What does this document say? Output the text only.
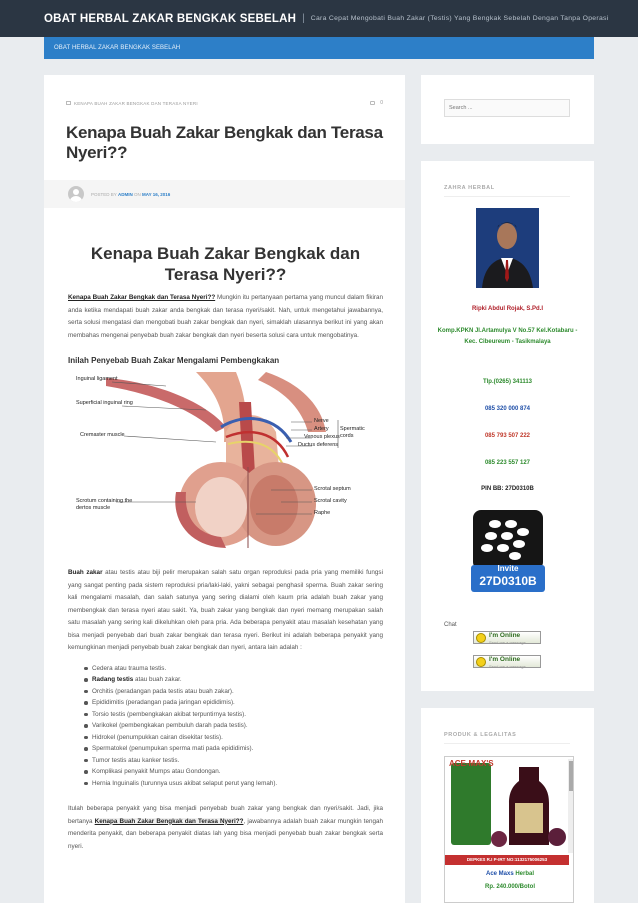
OBAT HERBAL ZAKAR BENGKAK SEBELAH | Cara Cepat Mengobati Buah Zakar (Testis) Yang Bengkak Sebelah Dengan Tanpa Operasi
OBAT HERBAL ZAKAR BENGKAK SEBELAH
KENAPA BUAH ZAKAR BENGKAK DAN TERASA NYERI	0
Kenapa Buah Zakar Bengkak dan Terasa Nyeri??
POSTED BY ADMIN ON MAY 16, 2016
Kenapa Buah Zakar Bengkak dan Terasa Nyeri??

Kenapa Buah Zakar Bengkak dan Terasa Nyeri?? Mungkin itu pertanyaan pertama yang muncul dalam fikiran anda ketika mendapati buah zakar anda bengkak dan terasa nyeri/sakit. Nah, untuk mengetahui jawabannya, serta solusi mengatasi dan mengobati buah zakar bengkak dan nyeri, simaklah ulasannya berikut ini yang akan membahas mengenai penyebab buah zakar bengkak dan nyeri beserta solusi cara untuk mengobatinya.

Inilah Penyebab Buah Zakar Mengalami Pembengkakan
Inguinal ligament
Superficial inguinal ring
Cremaster muscle
Scrotum containing the dertos muscle
Nerve
Artery
Venous plexus
Ductus deferens
Spermatic cords
Scrotal septum
Scrotal cavity
Raphe

Buah zakar atau testis atau biji pelir merupakan salah satu organ reproduksi pada pria yang memiliki fungsi yang sangat penting pada sistem reproduksi pria/laki-laki, yakni sebagai penghasil sperma. Buah zakar sering kali mengalami masalah, dan salah satunya yang sering dialami oleh kaum pria adalah buah zakar yang membengkak dan terasa nyeri atau sakit. Ya, buah zakar yang bengkak dan nyeri memang merupakan salah satu masalah yang sering kali dikeluhkan oleh para pria. Ada beberapa penyakit atau masalah kesehatan yang bisa menjadi penyebab dari buah zakar bengkak dan terasa nyeri. Berikut ini adalah beberapa penyakit yang kemungkinan menjadi penyebab buah zakar bengkak dan nyeri, antara lain adalah :

Cedera atau trauma testis.
Radang testis atau buah zakar.
Orchitis (peradangan pada testis atau buah zakar).
Epididimitis (peradangan pada jaringan epididimis).
Torsio testis (pembengkakan akibat terpuntirnya testis).
Varikokel (pembengkakan pembuluh darah pada testis).
Hidrokel (penumpukkan cairan disekitar testis).
Spermatokel (penumpukan sperma mati pada epididimis).
Tumor testis atau kanker testis.
Komplikasi penyakit Mumps atau Gondongan.
Hernia Inguinalis (turunnya usus akibat selaput perut yang lemah).

Itulah beberapa penyakit yang bisa menjadi penyebab buah zakar yang bengkak dan nyeri/sakit. Jadi, jika bertanya Kenapa Buah Zakar Bengkak dan Terasa Nyeri??, jawabannya adalah buah zakar mungkin tengah menderita penyakit, dan beberapa penyakit diatas lah yang bisa menjadi penyebab buah zakar bengkak serta nyeri.

Search ...
ZAHRA HERBAL
Ripki Abdul Rojak, S.Pd.I
Komp.KPKN Jl.Artamulya V No.57 Kel.Kotabaru - Kec. Cibeureum - Tasikmalaya
Tlp.(0265) 341113
085 320 000 874
085 793 507 222
085 223 557 127
PIN BB: 27D0310B
Invite
27D0310B
Chat
I'm Online
Send me a message
I'm Online
Send me a message
PRODUK & LEGALITAS
ACE-MAX'S
DEPKES R.I P-IRT NO:1132175006253
Ace Maxs Herbal
Rp. 240.000/Botol
